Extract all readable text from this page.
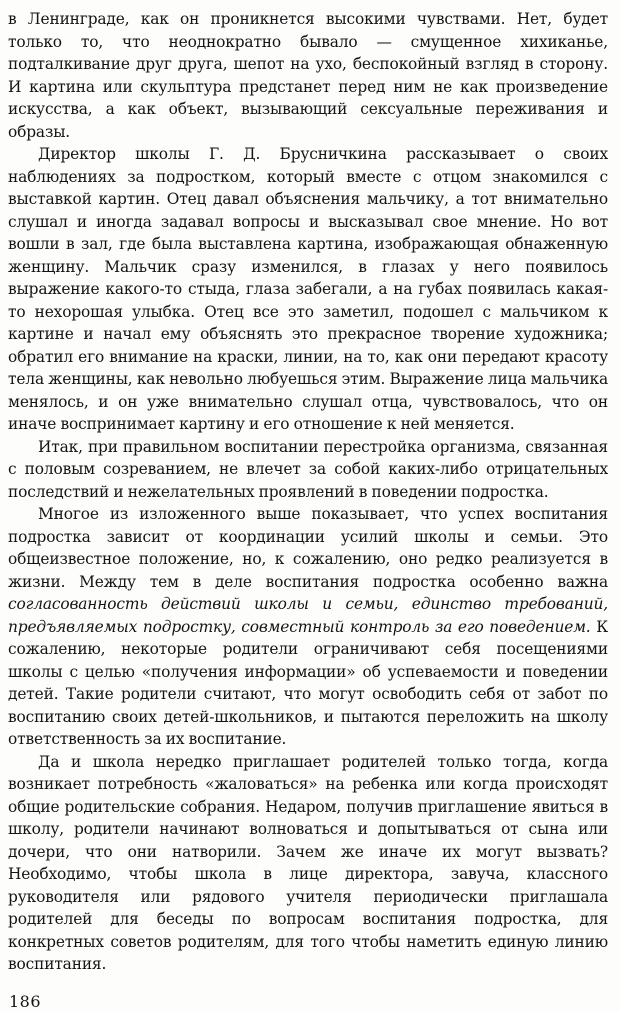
в Ленинграде, как он проникнется высокими чувствами. Нет, будет только то, что неоднократно бывало — смущенное хихиканье, подталкивание друг друга, шепот на ухо, беспокойный взгляд в сторону. И картина или скульптура предстанет перед ним не как произведение искусства, а как объект, вызывающий сексуальные переживания и образы.

Директор школы Г. Д. Брусничкина рассказывает о своих наблюдениях за подростком, который вместе с отцом знакомился с выставкой картин. Отец давал объяснения мальчику, а тот внимательно слушал и иногда задавал вопросы и высказывал свое мнение. Но вот вошли в зал, где была выставлена картина, изображающая обнаженную женщину. Мальчик сразу изменился, в глазах у него появилось выражение какого-то стыда, глаза забегали, а на губах появилась какая-то нехорошая улыбка. Отец все это заметил, подошел с мальчиком к картине и начал ему объяснять это прекрасное творение художника; обратил его внимание на краски, линии, на то, как они передают красоту тела женщины, как невольно любуешься этим. Выражение лица мальчика менялось, и он уже внимательно слушал отца, чувствовалось, что он иначе воспринимает картину и его отношение к ней меняется.

Итак, при правильном воспитании перестройка организма, связанная с половым созреванием, не влечет за собой каких-либо отрицательных последствий и нежелательных проявлений в поведении подростка.

Многое из изложенного выше показывает, что успех воспитания подростка зависит от координации усилий школы и семьи. Это общеизвестное положение, но, к сожалению, оно редко реализуется в жизни. Между тем в деле воспитания подростка особенно важна согласованность действий школы и семьи, единство требований, предъявляемых подростку, совместный контроль за его поведением. К сожалению, некоторые родители ограничивают себя посещениями школы с целью «получения информации» об успеваемости и поведении детей. Такие родители считают, что могут освободить себя от забот по воспитанию своих детей-школьников, и пытаются переложить на школу ответственность за их воспитание.

Да и школа нередко приглашает родителей только тогда, когда возникает потребность «жаловаться» на ребенка или когда происходят общие родительские собрания. Недаром, получив приглашение явиться в школу, родители начинают волноваться и допытываться от сына или дочери, что они натворили. Зачем же иначе их могут вызвать? Необходимо, чтобы школа в лице директора, завуча, классного руководителя или рядового учителя периодически приглашала родителей для беседы по вопросам воспитания подростка, для конкретных советов родителям, для того чтобы наметить единую линию воспитания.

186
